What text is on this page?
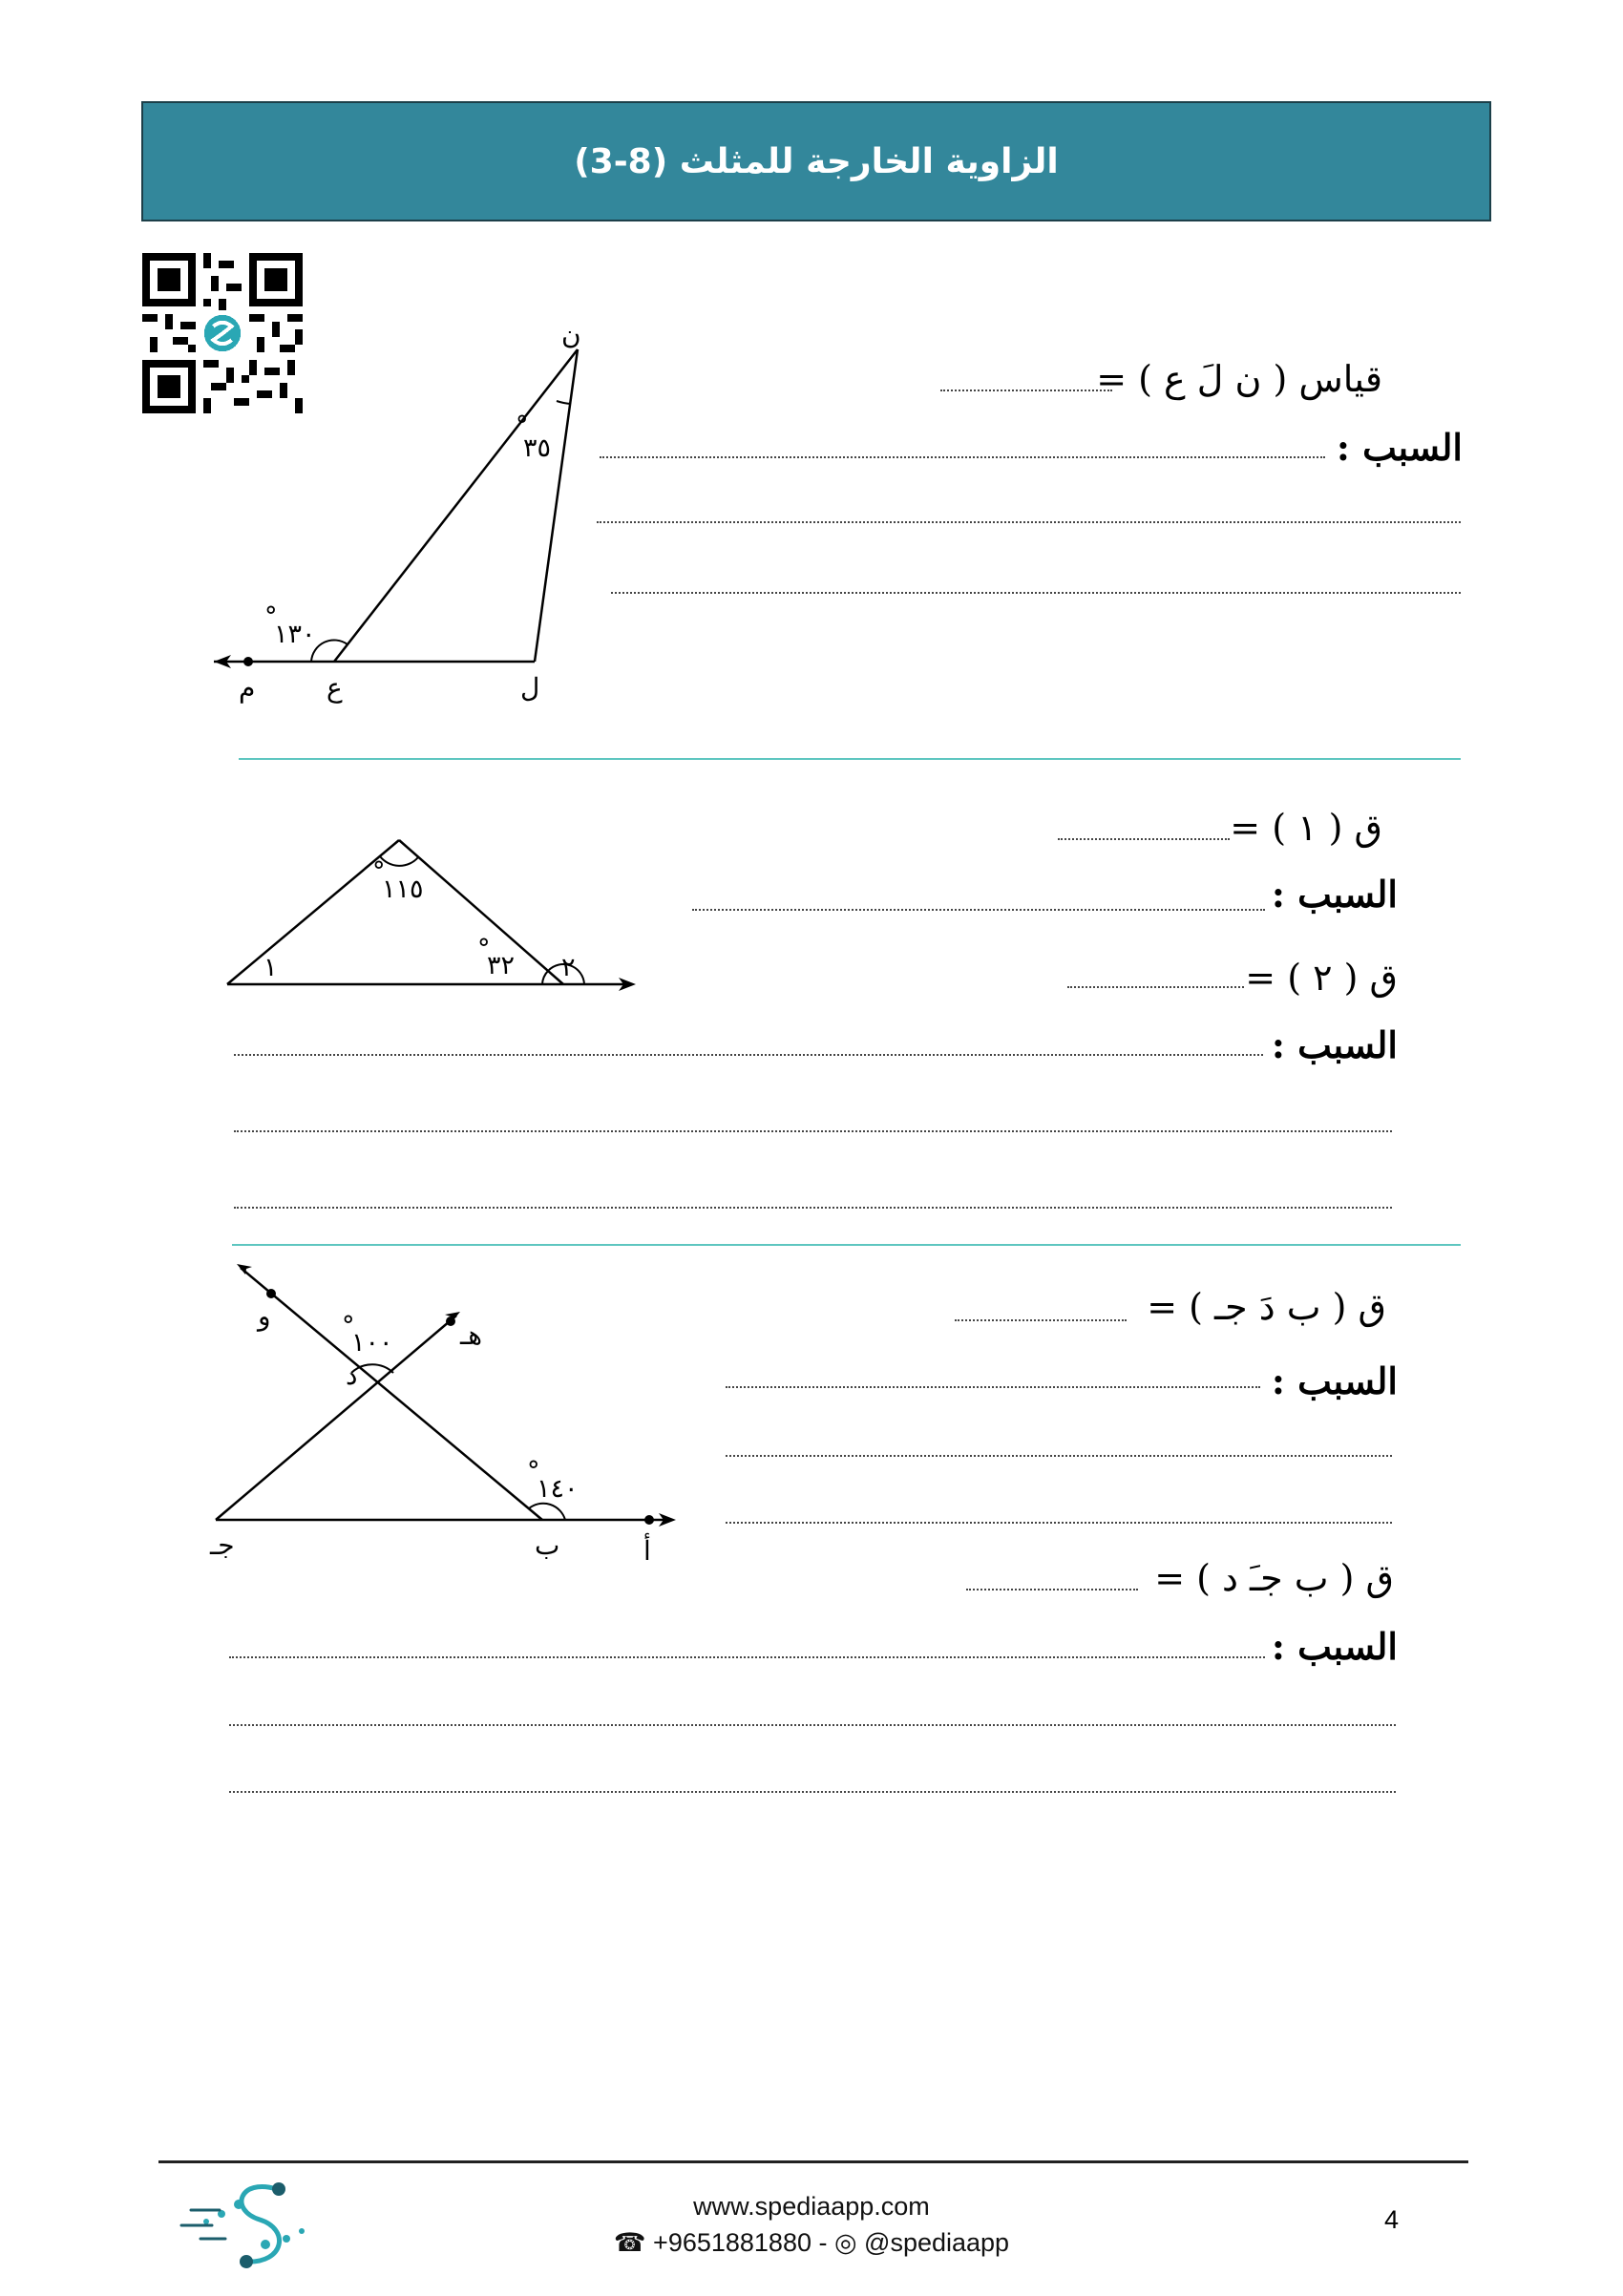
(3-8) الزاوية الخارجة للمثلث
ن
ل
ع
م
٣٥
°
١٣٠
°
قياس ( ن لَ ع ) =
السبب :
١١٥
°
٣٢
°
١	٢
ق ( ١ ) =
السبب :
ق ( ٢ ) =
السبب :
١٠٠
°
١٤٠
°
و
هـ
د
جـ	ب	أ
ق ( ب دَ جـ ) =
السبب :
ق ( ب جـَ د ) =
السبب :
www.spediaapp.com
☎ +9651881880 - ◎ @spediaapp
4
